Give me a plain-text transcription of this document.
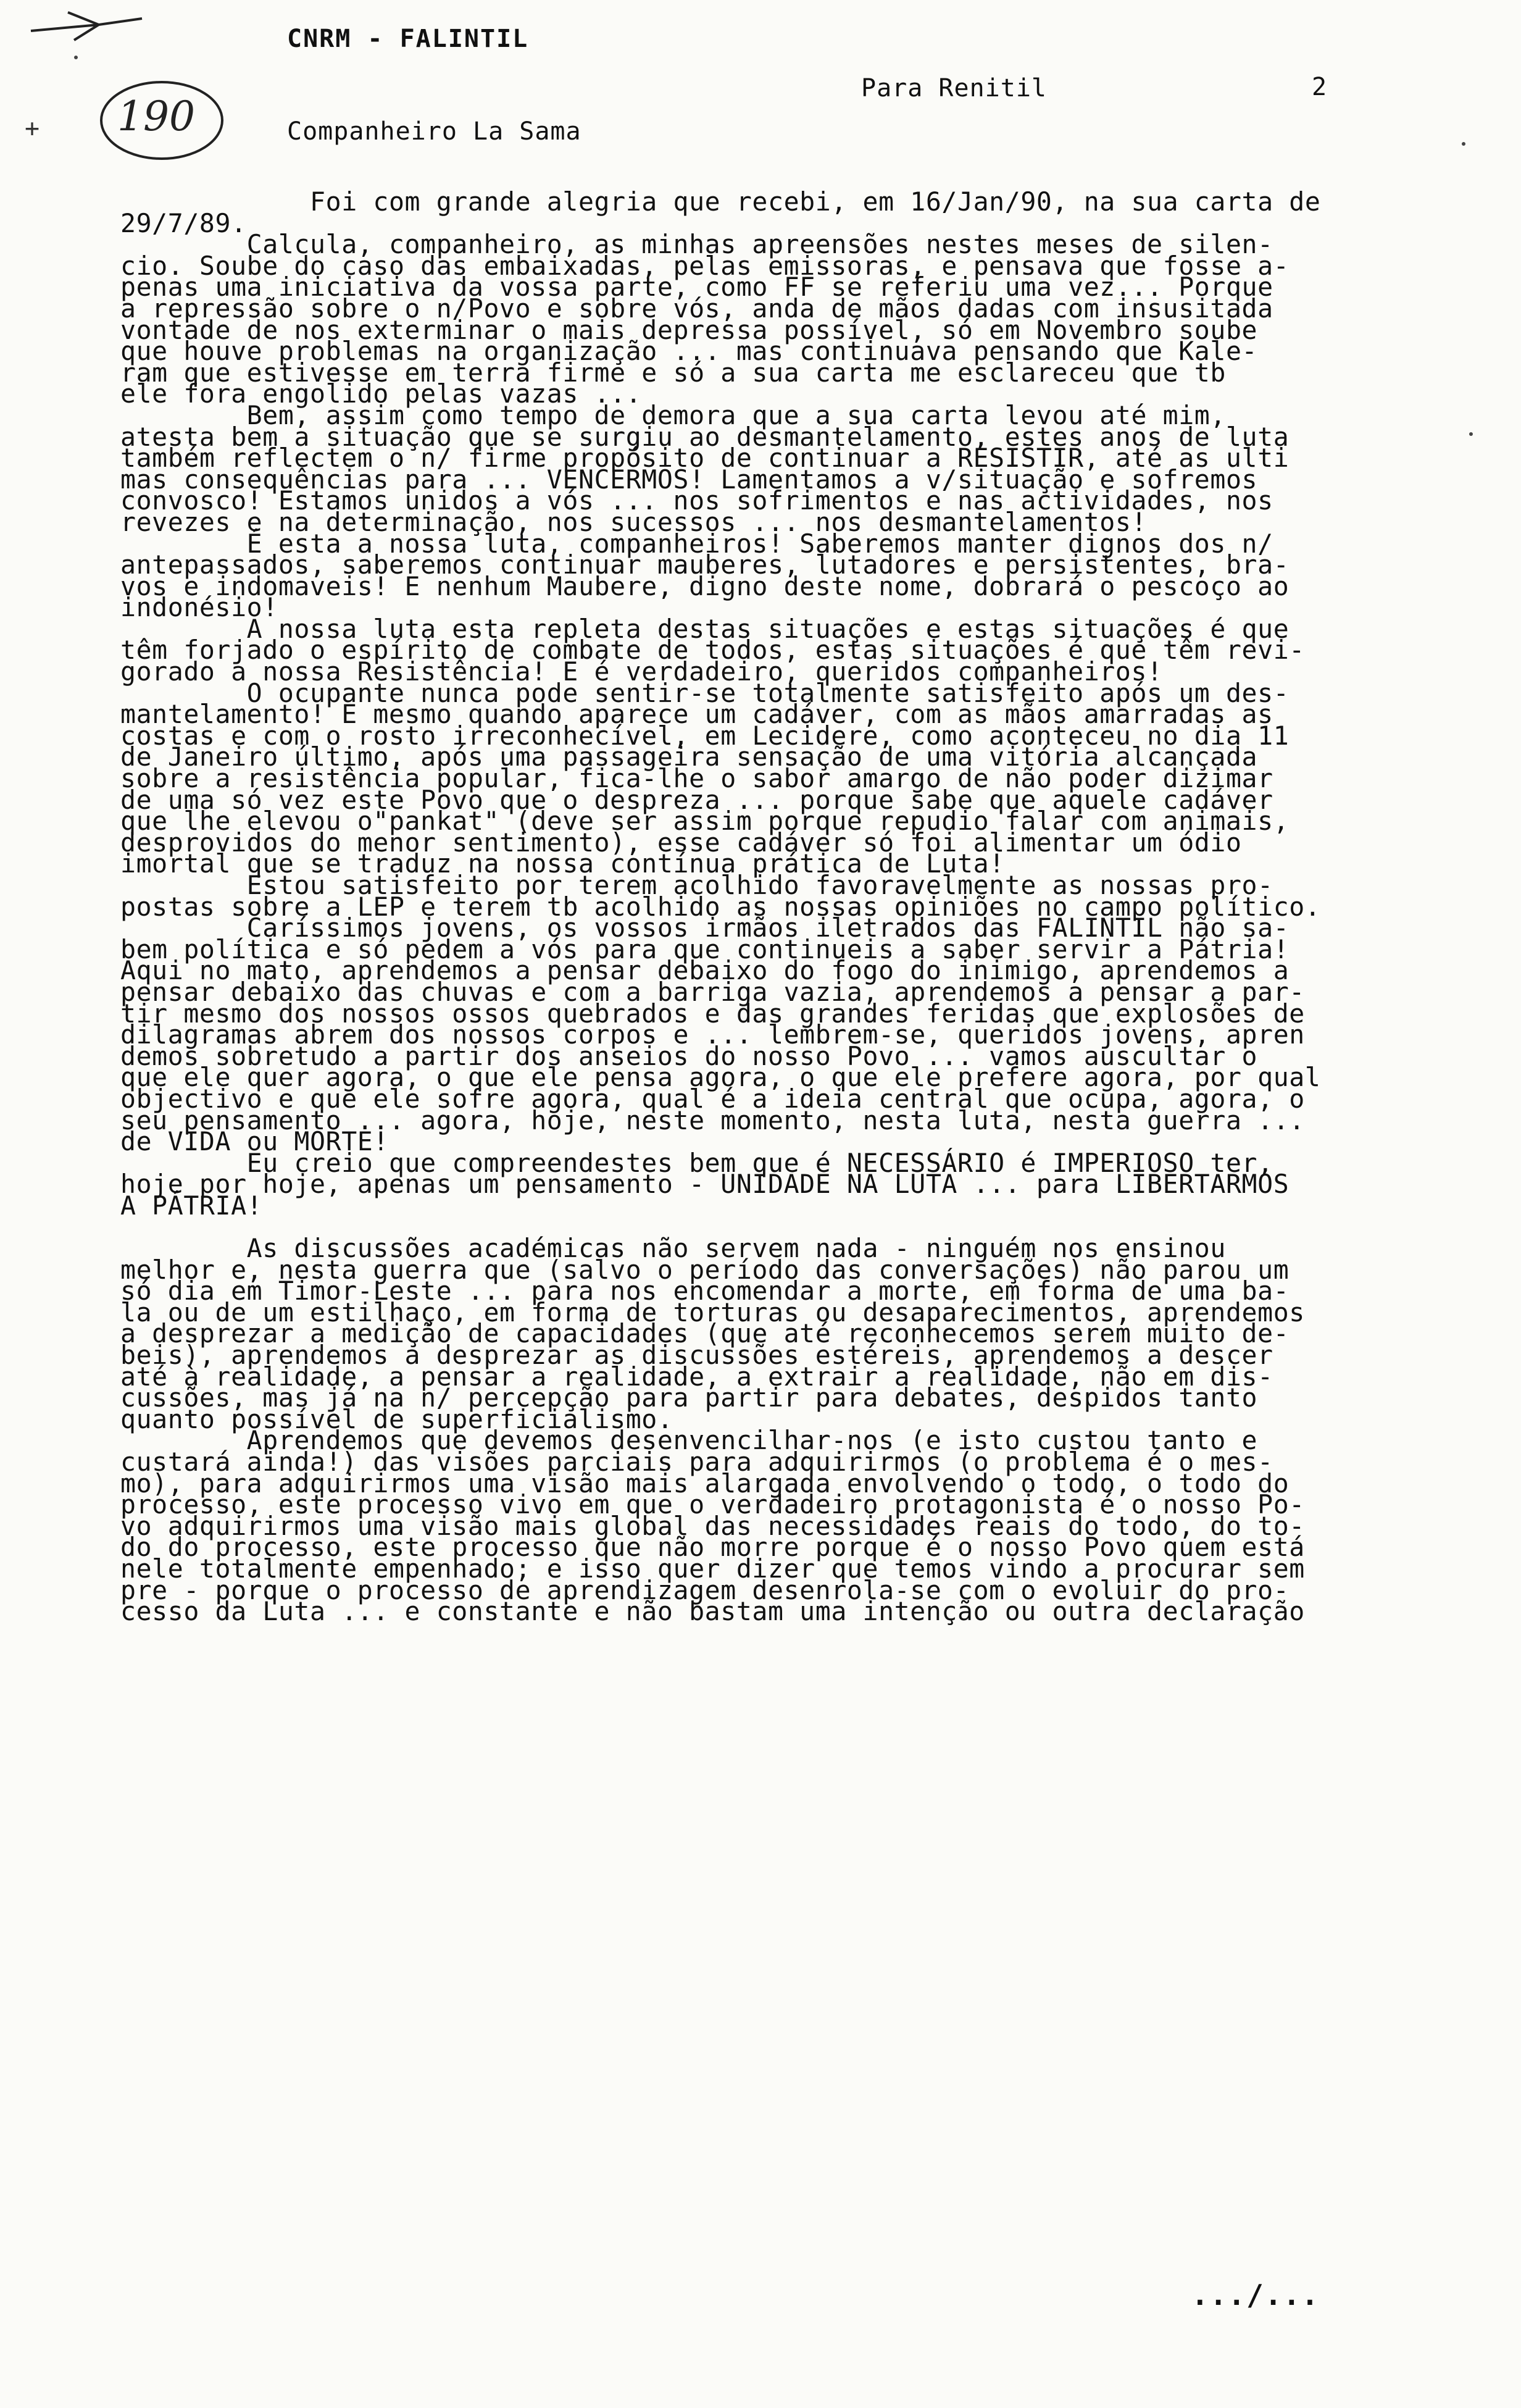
+ 190
CNRM - FALINTIL
Para Renitil	2
Companheiro La Sama
Foi com grande alegria que recebi, em 16/Jan/90, na sua carta de
29/7/89.
Calcula, companheiro, as minhas apreensões nestes meses de silen-
cio. Soube do caso das embaixadas, pelas emissoras, e pensava que fosse a-
penas uma iniciativa da vossa parte, como FF se referiu uma vez... Porque
a repressão sobre o n/Povo e sobre vós, anda de mãos dadas com insusitada
vontade de nos exterminar o mais depressa possível, só em Novembro soube
que houve problemas na organização ... mas continuava pensando que Kale-
ram que estivesse em terra firme e só a sua carta me esclareceu que tb
ele fora engolido pelas vazas ...
Bem, assim como tempo de demora que a sua carta levou até mim,
atesta bem a situação que se surgiu ao desmantelamento, estes anos de luta
também reflectem o n/ firme propósito de continuar a RESISTIR, até as ulti
mas consequências para ... VENCERMOS! Lamentamos a v/situação e sofremos
convosco! Estamos unidos a vós ... nos sofrimentos e nas actividades, nos
revezes e na determinação, nos sucessos ... nos desmantelamentos!
É esta a nossa luta, companheiros! Saberemos manter dignos dos n/
antepassados, saberemos continuar mauberes, lutadores e persistentes, bra-
vos e indomaveis! E nenhum Maubere, digno deste nome, dobrará o pescoço ao
indonésio!
A nossa luta esta repleta destas situações e estas situações é que
têm forjado o espírito de combate de todos, estas situações é que têm revi-
gorado a nossa Resistência! E é verdadeiro, queridos companheiros!
O ocupante nunca pode sentir-se totalmente satisfeito após um des-
mantelamento! E mesmo quando aparece um cadáver, com as mãos amarradas as
costas e com o rosto irreconhecível, em Lecidere, como aconteceu no dia 11
de Janeiro último, após uma passageira sensação de uma vitória alcançada
sobre a resistência popular, fica-lhe o sabor amargo de não poder dizimar
de uma só vez este Povo que o despreza ... porque sabe que aquele cadáver
que lhe elevou o"pankat" (deve ser assim porque repudio falar com animais,
desprovidos do menor sentimento), esse cadáver só foi alimentar um ódio
imortal que se traduz na nossa contínua prática de Luta!
Estou satisfeito por terem acolhido favoravelmente as nossas pro-
postas sobre a LEP e terem tb acolhido as nossas opiniões no campo político.
Caríssimos jovens, os vossos irmãos iletrados das FALINTIL não sa-
bem política e só pedem a vós para que continueis a saber servir a Pátria!
Aqui no mato, aprendemos a pensar debaixo do fogo do inimigo, aprendemos a
pensar debaixo das chuvas e com a barriga vazia, aprendemos a pensar a par-
tir mesmo dos nossos ossos quebrados e das grandes feridas que explosões de
dilagramas abrem dos nossos corpos e ... lembrem-se, queridos jovens, apren
demos sobretudo a partir dos anseios do nosso Povo ... vamos auscultar o
que ele quer agora, o que ele pensa agora, o que ele prefere agora, por qual
objectivo e que ele sofre agora, qual é a ideia central que ocupa, agora, o
seu pensamento ... agora, hoje, neste momento, nesta luta, nesta guerra ...
de VIDA ou MORTE!
Eu creio que compreendestes bem que é NECESSÁRIO é IMPERIOSO ter,
hoje por hoje, apenas um pensamento - UNIDADE NA LUTA ... para LIBERTARMOS
A PÁTRIA!

As discussões académicas não servem nada - ninguém nos ensinou
melhor e, nesta guerra que (salvo o período das conversações) não parou um
só dia em Timor-Leste ... para nos encomendar a morte, em forma de uma ba-
la ou de um estilhaço, em forma de torturas ou desaparecimentos, aprendemos
a desprezar a medição de capacidades (que até reconhecemos serem muito de-
beis), aprendemos a desprezar as discussões estéreis, aprendemos a descer
até à realidade, a pensar a realidade, a extrair a realidade, não em dis-
cussões, mas já na n/ percepção para partir para debates, despidos tanto
quanto possível de superficialismo.
Aprendemos que devemos desenvencilhar-nos (e isto custou tanto e
custará ainda!) das visões parciais para adquirirmos (o problema é o mes-
mo), para adquirirmos uma visão mais alargada envolvendo o todo, o todo do
processo, este processo vivo em que o verdadeiro protagonista é o nosso Po-
vo adquirirmos uma visão mais global das necessidades reais do todo, do to-
do do processo, este processo que não morre porque é o nosso Povo quem está
nele totalmente empenhado; e isso quer dizer que temos vindo a procurar sem
pre - porque o processo de aprendizagem desenrola-se com o evoluir do pro-
cesso da Luta ... e constante e não bastam uma intenção ou outra declaração
.../...
